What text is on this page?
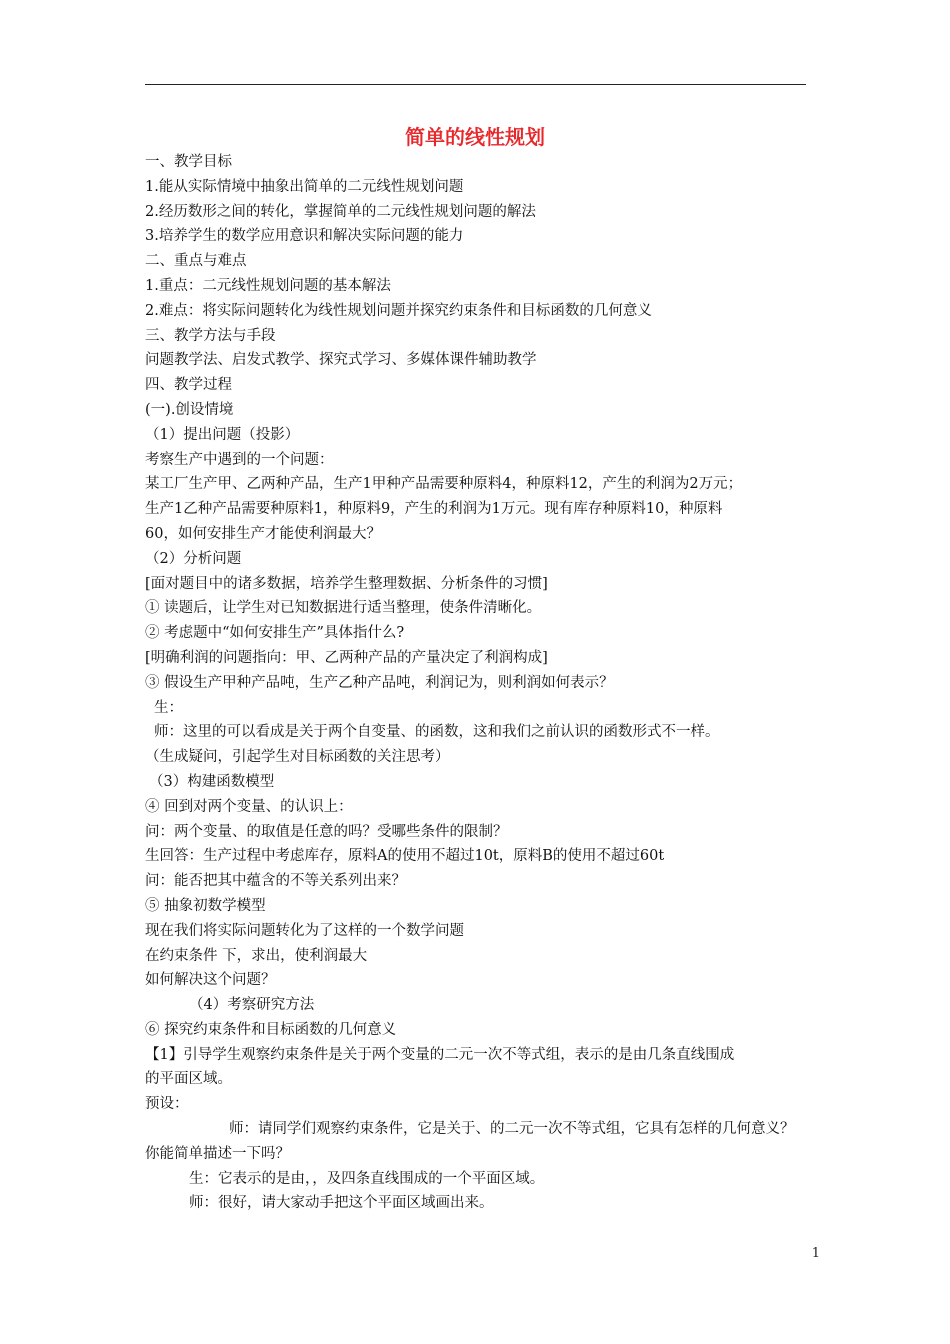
简单的线性规划
一、教学目标
1.能从实际情境中抽象出简单的二元线性规划问题
2.经历数形之间的转化，掌握简单的二元线性规划问题的解法
3.培养学生的数学应用意识和解决实际问题的能力
二、重点与难点
1.重点：二元线性规划问题的基本解法
2.难点：将实际问题转化为线性规划问题并探究约束条件和目标函数的几何意义
三、教学方法与手段
问题教学法、启发式教学、探究式学习、多媒体课件辅助教学
四、教学过程
(一).创设情境
（1）提出问题（投影）
考察生产中遇到的一个问题：
某工厂生产甲、乙两种产品，生产1甲种产品需要种原料4，种原料12，产生的利润为2万元；
生产1乙种产品需要种原料1，种原料9，产生的利润为1万元。现有库存种原料10，种原料
60，如何安排生产才能使利润最大？
（2）分析问题
[面对题目中的诸多数据，培养学生整理数据、分析条件的习惯]
① 读题后，让学生对已知数据进行适当整理，使条件清晰化。
② 考虑题中“如何安排生产”具体指什么?
[明确利润的问题指向：甲、乙两种产品的产量决定了利润构成]
③ 假设生产甲种产品吨，生产乙种产品吨，利润记为，则利润如何表示？
生：
师：这里的可以看成是关于两个自变量、的函数，这和我们之前认识的函数形式不一样。
（生成疑问，引起学生对目标函数的关注思考）
（3）构建函数模型
④ 回到对两个变量、的认识上：
问：两个变量、的取值是任意的吗？受哪些条件的限制？
生回答：生产过程中考虑库存，原料A的使用不超过10t，原料B的使用不超过60t
问：能否把其中蕴含的不等关系列出来？
⑤ 抽象初数学模型
现在我们将实际问题转化为了这样的一个数学问题
在约束条件 下，求出，使利润最大
如何解决这个问题？
（4）考察研究方法
⑥ 探究约束条件和目标函数的几何意义
【1】引导学生观察约束条件是关于两个变量的二元一次不等式组，表示的是由几条直线围成
的平面区域。
预设：
师：请同学们观察约束条件，它是关于、的二元一次不等式组，它具有怎样的几何意义？
你能简单描述一下吗？
生：它表示的是由，，及四条直线围成的一个平面区域。
师：很好，请大家动手把这个平面区域画出来。
1
